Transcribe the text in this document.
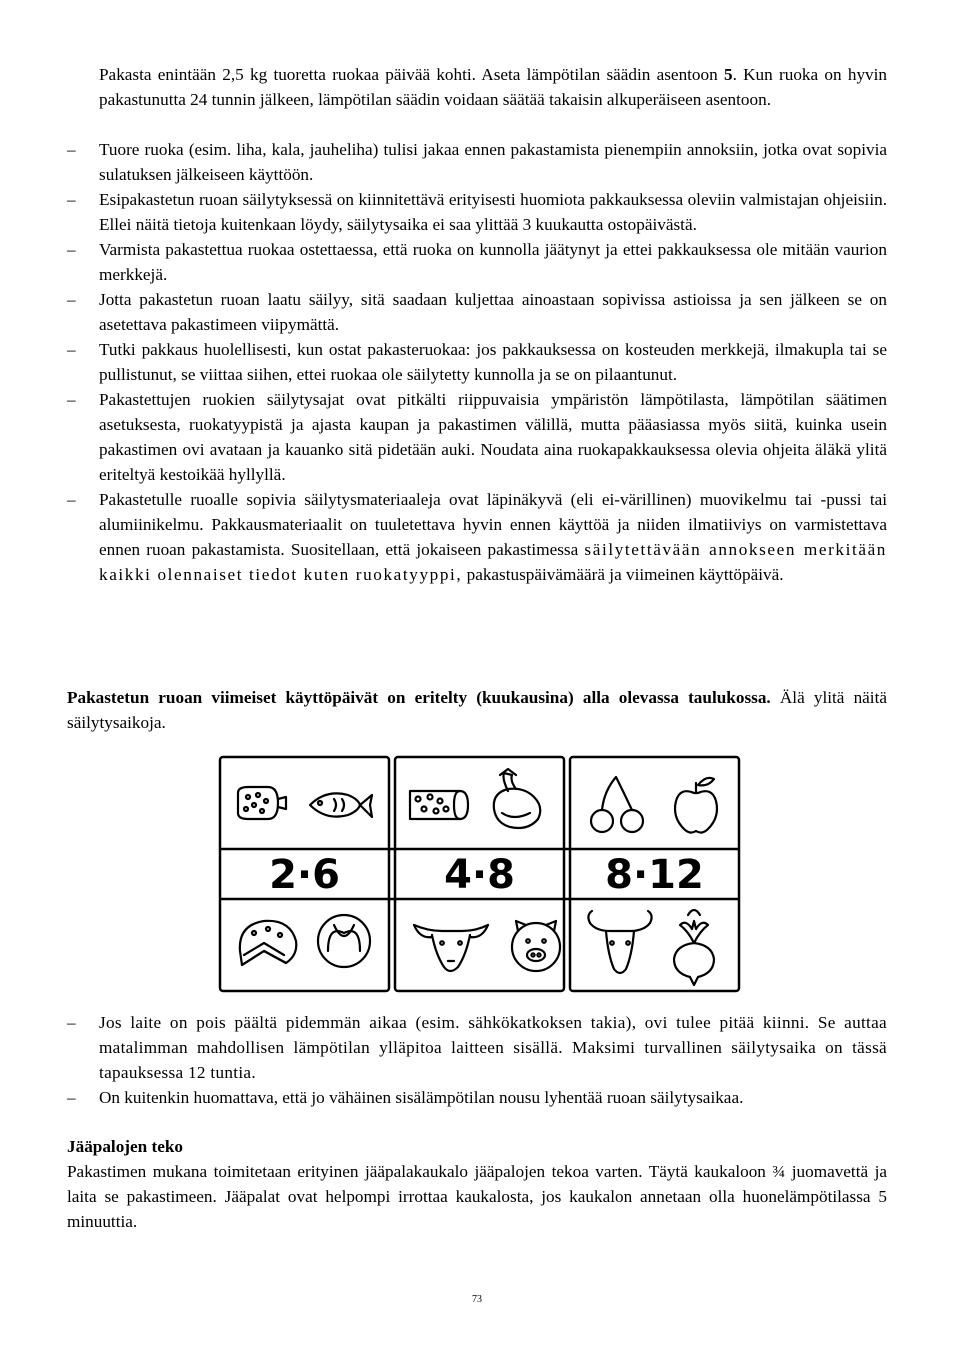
Pakasta enintään 2,5 kg tuoretta ruokaa päivää kohti. Aseta lämpötilan säädin asentoon 5. Kun ruoka on hyvin pakastunutta 24 tunnin jälkeen, lämpötilan säädin voidaan säätää takaisin alkuperäiseen asentoon.

– Tuore ruoka (esim. liha, kala, jauheliha) tulisi jakaa ennen pakastamista pienempiin annoksiin, jotka ovat sopivia sulatuksen jälkeiseen käyttöön.
– Esipakastetun ruoan säilytyksessä on kiinnitettävä erityisesti huomiota pakkauksessa oleviin valmistajan ohjeisiin. Ellei näitä tietoja kuitenkaan löydy, säilytysaika ei saa ylittää 3 kuukautta ostopäivästä.
– Varmista pakastettua ruokaa ostettaessa, että ruoka on kunnolla jäätynyt ja ettei pakkauksessa ole mitään vaurion merkkejä.
– Jotta pakastetun ruoan laatu säilyy, sitä saadaan kuljettaa ainoastaan sopivissa astioissa ja sen jälkeen se on asetettava pakastimeen viipymättä.
– Tutki pakkaus huolellisesti, kun ostat pakasteruokaa: jos pakkauksessa on kosteuden merkkejä, ilmakupla tai se pullistunut, se viittaa siihen, ettei ruokaa ole säilytetty kunnolla ja se on pilaantunut.
– Pakastettujen ruokien säilytysajat ovat pitkälti riippuvaisia ympäristön lämpötilasta, lämpötilan säätimen asetuksesta, ruokatyypistä ja ajasta kaupan ja pakastimen välillä, mutta pääasiassa myös siitä, kuinka usein pakastimen ovi avataan ja kauanko sitä pidetään auki. Noudata aina ruokapakkauksessa olevia ohjeita äläkä ylitä eriteltyä kestoikää hyllyllä.
– Pakastetulle ruoalle sopivia säilytysmateriaaleja ovat läpinäkyvä (eli ei-värillinen) muovikelmu tai -pussi tai alumiinikelmu. Pakkausmateriaalit on tuuletettava hyvin ennen käyttöä ja niiden ilmatiiviys on varmistettava ennen ruoan pakastamista. Suositellaan, että jokaiseen pakastimessa säilytettävään annokseen merkitään kaikki olennaiset tiedot kuten ruokatyyppi, pakastuspäivämäärä ja viimeinen käyttöpäivä.

Pakastetun ruoan viimeiset käyttöpäivät on eritelty (kuukausina) alla olevassa taulukossa. Älä ylitä näitä säilytysaikoja.

2·6	4·8 8·12
– Jos laite on pois päältä pidemmän aikaa (esim. sähkökatkoksen takia), ovi tulee pitää kiinni. Se auttaa matalimman mahdollisen lämpötilan ylläpitoa laitteen sisällä. Maksimi turvallinen säilytysaika on tässä tapauksessa 12 tuntia.
– On kuitenkin huomattava, että jo vähäinen sisälämpötilan nousu lyhentää ruoan säilytysaikaa.
Jääpalojen teko

Pakastimen mukana toimitetaan erityinen jääpalakaukalo jääpalojen tekoa varten. Täytä kaukaloon ¾ juomavettä ja laita se pakastimeen. Jääpalat ovat helpompi irrottaa kaukalosta, jos kaukalon annetaan olla huonelämpötilassa 5 minuuttia.

73
